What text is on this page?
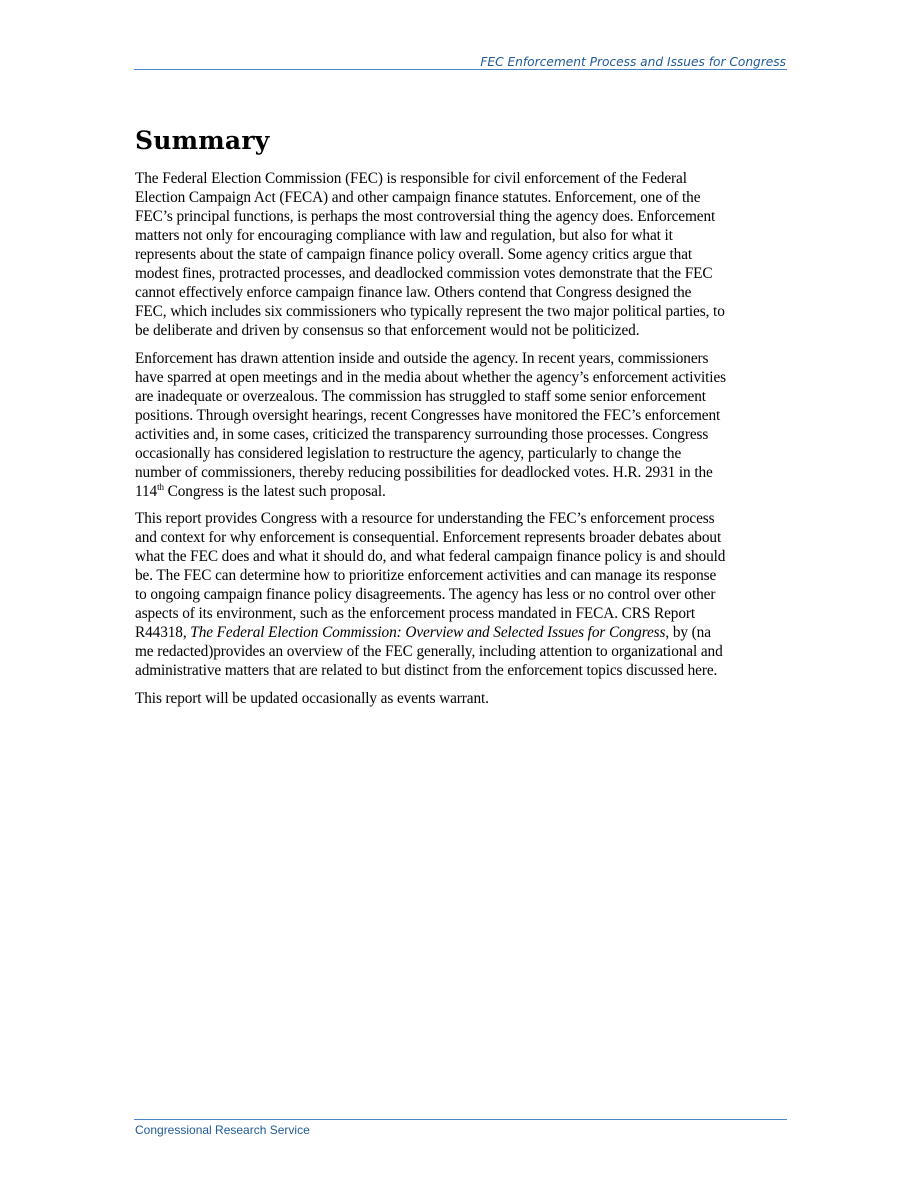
FEC Enforcement Process and Issues for Congress
Summary

The Federal Election Commission (FEC) is responsible for civil enforcement of the Federal
Election Campaign Act (FECA) and other campaign finance statutes. Enforcement, one of the
FEC’s principal functions, is perhaps the most controversial thing the agency does. Enforcement
matters not only for encouraging compliance with law and regulation, but also for what it
represents about the state of campaign finance policy overall. Some agency critics argue that
modest fines, protracted processes, and deadlocked commission votes demonstrate that the FEC
cannot effectively enforce campaign finance law. Others contend that Congress designed the
FEC, which includes six commissioners who typically represent the two major political parties, to
be deliberate and driven by consensus so that enforcement would not be politicized.

Enforcement has drawn attention inside and outside the agency. In recent years, commissioners
have sparred at open meetings and in the media about whether the agency’s enforcement activities
are inadequate or overzealous. The commission has struggled to staff some senior enforcement
positions. Through oversight hearings, recent Congresses have monitored the FEC’s enforcement
activities and, in some cases, criticized the transparency surrounding those processes. Congress
occasionally has considered legislation to restructure the agency, particularly to change the
number of commissioners, thereby reducing possibilities for deadlocked votes. H.R. 2931 in the
114th Congress is the latest such proposal.

This report provides Congress with a resource for understanding the FEC’s enforcement process
and context for why enforcement is consequential. Enforcement represents broader debates about
what the FEC does and what it should do, and what federal campaign finance policy is and should
be. The FEC can determine how to prioritize enforcement activities and can manage its response
to ongoing campaign finance policy disagreements. The agency has less or no control over other
aspects of its environment, such as the enforcement process mandated in FECA. CRS Report
R44318, The Federal Election Commission: Overview and Selected Issues for Congress, by (na
me redacted)provides an overview of the FEC generally, including attention to organizational and
administrative matters that are related to but distinct from the enforcement topics discussed here.

This report will be updated occasionally as events warrant.

Congressional Research Service
